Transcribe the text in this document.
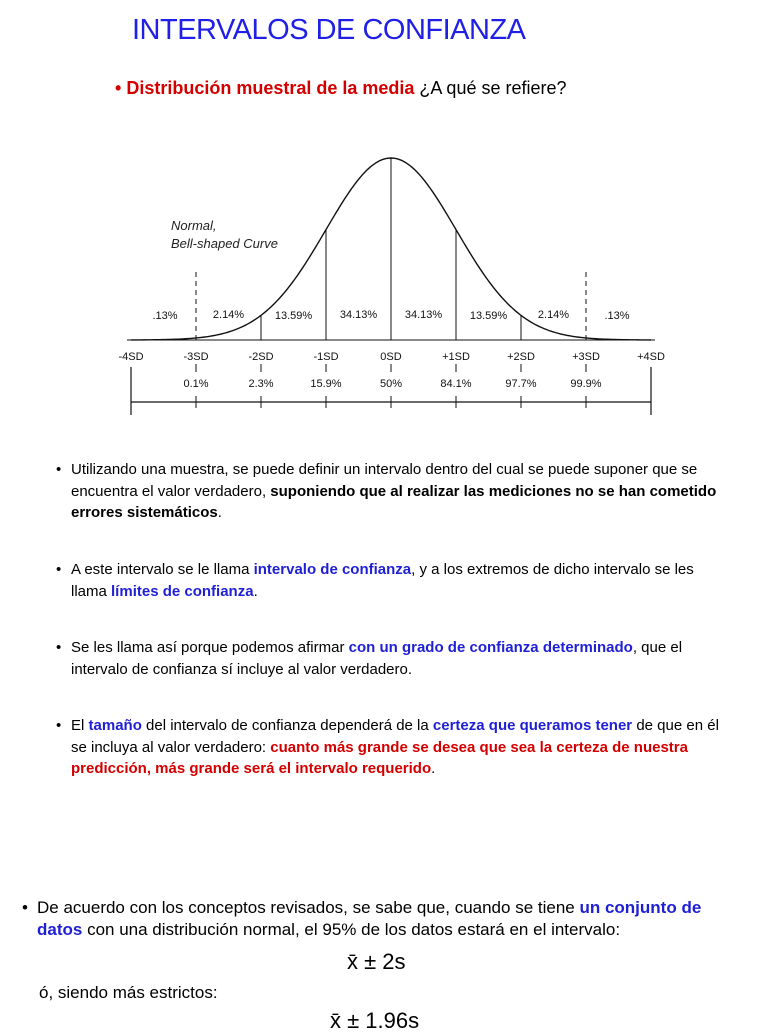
INTERVALOS DE CONFIANZA
• Distribución muestral de la media ¿A qué se refiere?
.13%	2.14%	13.59%	34.13%	34.13%	13.59%	2.14%	.13%
-4SD	-3SD	-2SD	-1SD	0SD	+1SD	+2SD	+3SD	+4SD
0.1%	2.3%	15.9%	50%	84.1%	97.7%	99.9%
Normal,
Bell-shaped Curve
• Utilizando una muestra, se puede definir un intervalo dentro del cual se puede suponer que se encuentra el valor verdadero, suponiendo que al realizar las mediciones no se han cometido errores sistemáticos.
• A este intervalo se le llama intervalo de confianza, y a los extremos de dicho intervalo se les llama límites de confianza.
• Se les llama así porque podemos afirmar con un grado de confianza determinado, que el intervalo de confianza sí incluye al valor verdadero.
• El tamaño del intervalo de confianza dependerá de la certeza que queramos tener de que en él se incluya al valor verdadero: cuanto más grande se desea que sea la certeza de nuestra predicción, más grande será el intervalo requerido.
• De acuerdo con los conceptos revisados, se sabe que, cuando se tiene un conjunto de datos con una distribución normal, el 95% de los datos estará en el intervalo:
x̄ ± 2s
ó, siendo más estrictos:
x̄ ± 1.96s
